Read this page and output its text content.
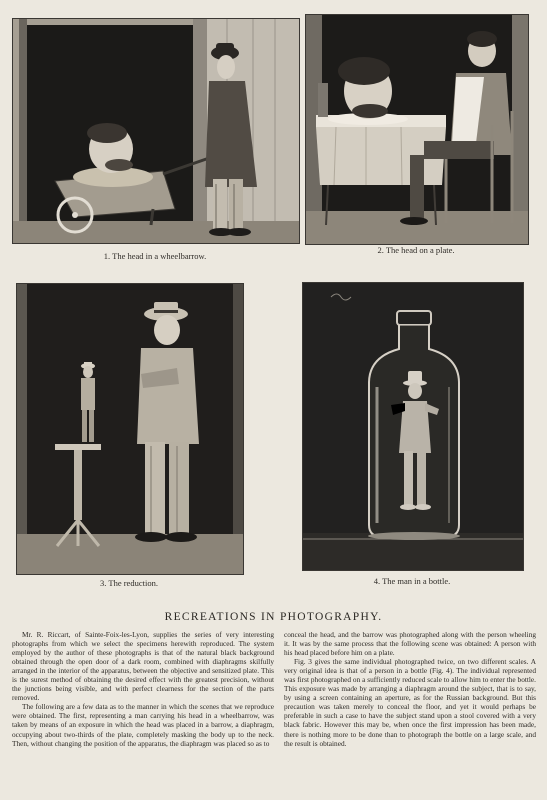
1. The head in a wheelbarrow.
2. The head on a plate.
3. The reduction.	4. The man in a bottle.
RECREATIONS IN PHOTOGRAPHY.

Mr. R. Riccart, of Sainte-Foix-les-Lyon, supplies the series of very interesting photographs from which we select the specimens herewith reproduced. The system employed by the author of these photographs is that of the natural black background obtained through the open door of a dark room, combined with diaphragms skilfully arranged in the interior of the apparatus, between the objective and sensitized plate. This is the surest method of obtaining the desired effect with the greatest precision, without the junctions being visible, and with perfect clearness for the section of the parts removed.

The following are a few data as to the manner in which the scenes that we reproduce were obtained. The first, representing a man carrying his head in a wheelbarrow, was taken by means of an exposure in which the head was placed in a barrow, a diaphragm, occupying about two-thirds of the plate, completely masking the body up to the neck. Then, without changing the position of the apparatus, the diaphragm was placed so as to

conceal the head, and the barrow was photographed along with the person wheeling it. It was by the same process that the following scene was obtained: A person with his head placed before him on a plate.

Fig. 3 gives the same individual photographed twice, on two different scales. A very original idea is that of a person in a bottle (Fig. 4). The individual represented was first photographed on a sufficiently reduced scale to allow him to enter the bottle. This exposure was made by arranging a diaphragm around the subject, that is to say, by using a screen containing an aperture, as for the Russian background. But this precaution was taken merely to conceal the floor, and yet it would perhaps be preferable in such a case to have the subject stand upon a stool covered with a very black fabric. However this may be, when once the first impression has been made, there is nothing more to be done than to photograph the bottle on a large scale, and the result is obtained.
